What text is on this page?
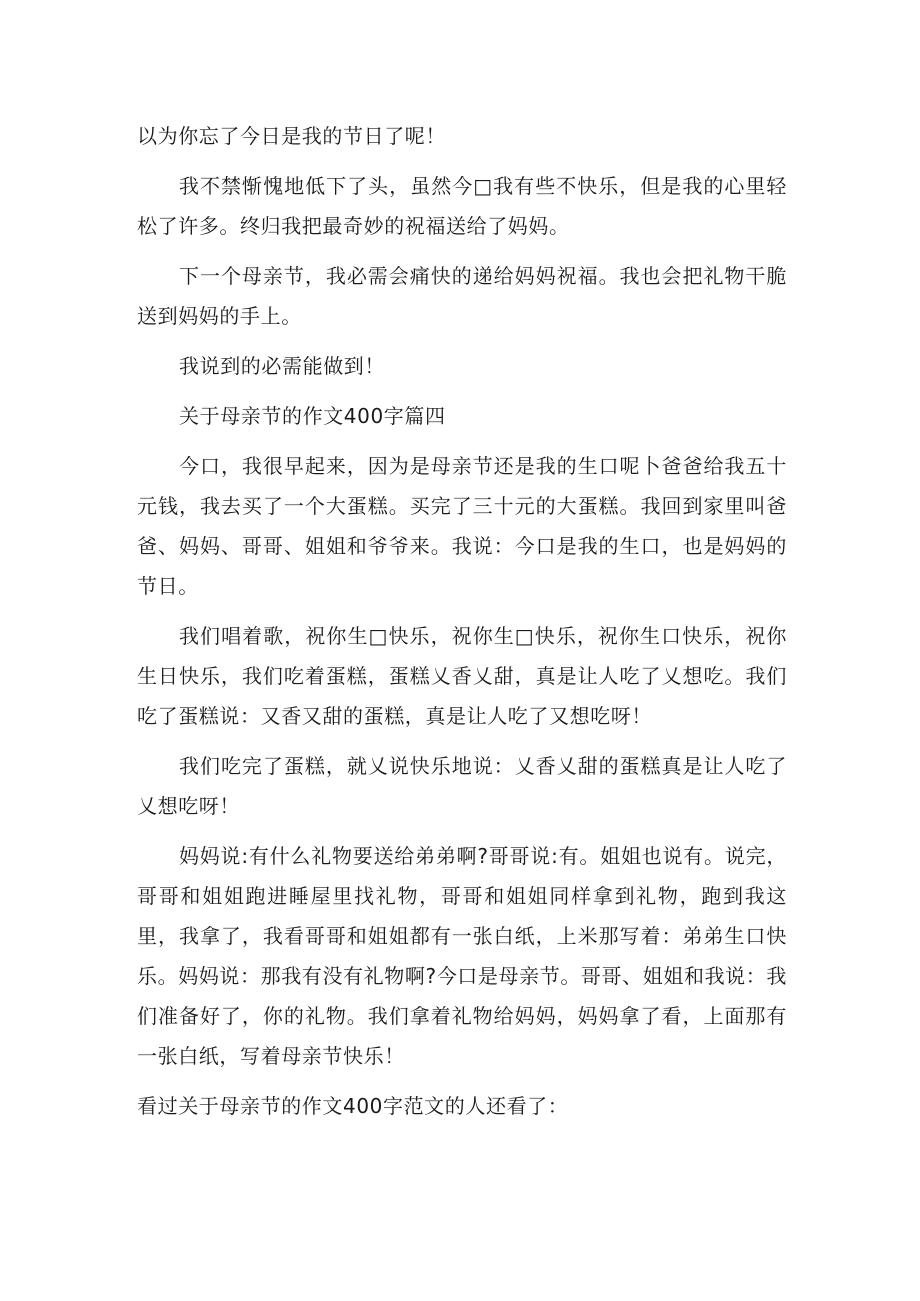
以为你忘了今日是我的节日了呢！

我不禁惭愧地低下了头，虽然今□我有些不快乐，但是我的心里轻松了许多。终归我把最奇妙的祝福送给了妈妈。

下一个母亲节，我必需会痛快的递给妈妈祝福。我也会把礼物干脆送到妈妈的手上。

我说到的必需能做到！

关于母亲节的作文400字篇四

今口，我很早起来，因为是母亲节还是我的生口呢卜爸爸给我五十元钱，我去买了一个大蛋糕。买完了三十元的大蛋糕。我回到家里叫爸爸、妈妈、哥哥、姐姐和爷爷来。我说：今口是我的生口，也是妈妈的节日。

我们唱着歌，祝你生□快乐，祝你生□快乐，祝你生口快乐，祝你生日快乐，我们吃着蛋糕，蛋糕乂香乂甜，真是让人吃了乂想吃。我们吃了蛋糕说：又香又甜的蛋糕，真是让人吃了又想吃呀！

我们吃完了蛋糕，就乂说快乐地说：乂香乂甜的蛋糕真是让人吃了乂想吃呀！

妈妈说:有什么礼物要送给弟弟啊?哥哥说:有。姐姐也说有。说完，哥哥和姐姐跑进睡屋里找礼物，哥哥和姐姐同样拿到礼物，跑到我这里，我拿了，我看哥哥和姐姐都有一张白纸，上米那写着：弟弟生口快乐。妈妈说：那我有没有礼物啊?今口是母亲节。哥哥、姐姐和我说：我们准备好了，你的礼物。我们拿着礼物给妈妈，妈妈拿了看，上面那有一张白纸，写着母亲节快乐！

看过关于母亲节的作文400字范文的人还看了：
